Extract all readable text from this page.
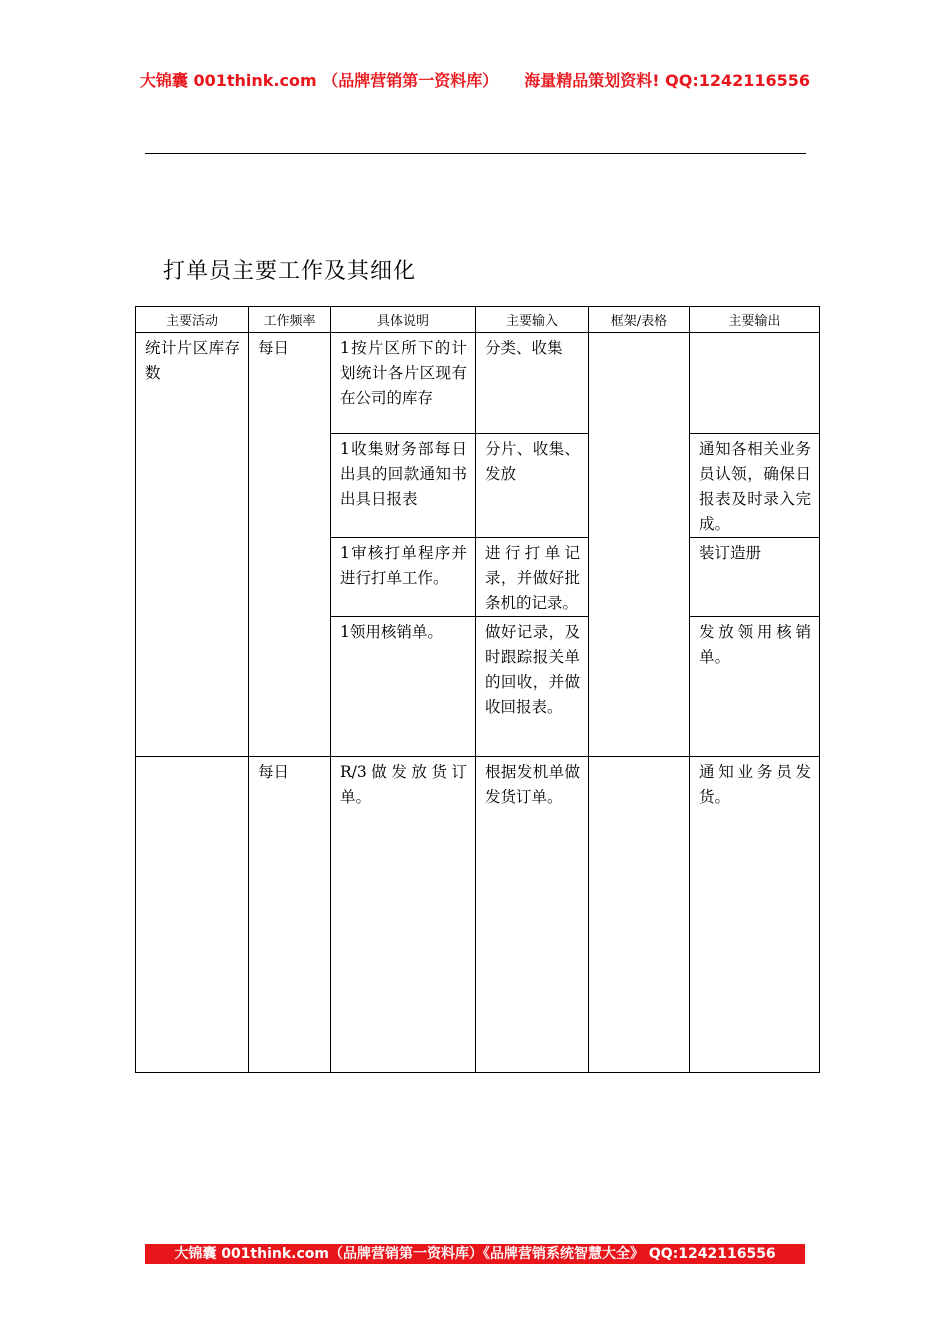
大锦囊 001think.com （品牌营销第一资料库） 海量精品策划资料! QQ:1242116556
打单员主要工作及其细化
主要活动	工作频率	具体说明	主要输入	框架/表格	主要输出

统计片区库存数	每日	1按片区所下的计划统计各片区现有在公司的库存	分类、收集		

		1收集财务部每日出具的回款通知书出具日报表	分片、收集、发放		通知各相关业务员认领，确保日报表及时录入完成。

		1审核打单程序并进行打单工作。	进行打单记录，并做好批条机的记录。		装订造册

		1领用核销单。	做好记录，及时跟踪报关单的回收，并做收回报表。		发放领用核销单。

	每日	R/3做发放货订单。	根据发机单做发货订单。		通知业务员发货。
大锦囊 001think.com（品牌营销第一资料库）《品牌营销系统智慧大全》 QQ:1242116556
